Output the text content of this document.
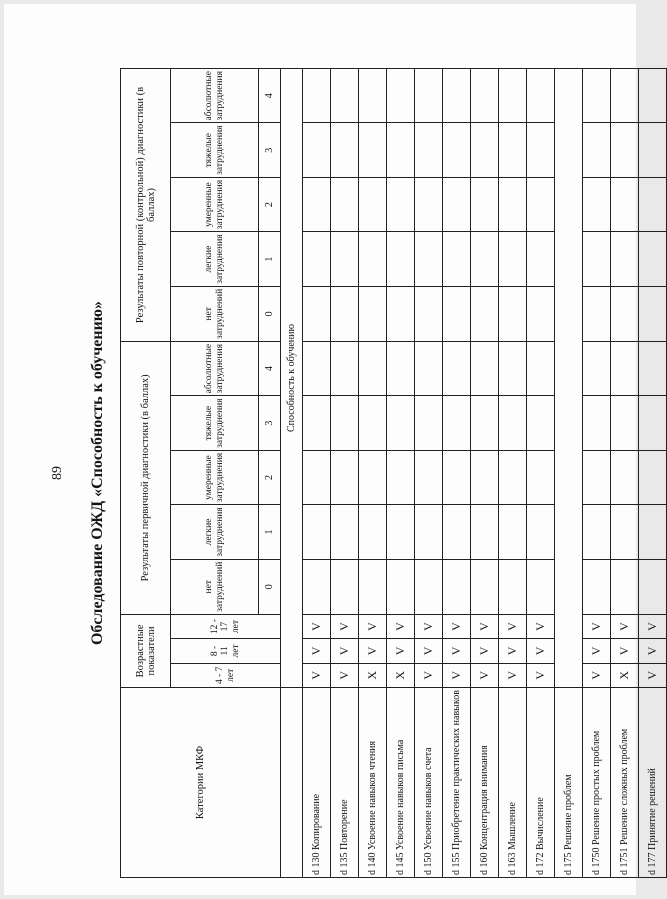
89	Обследование ОЖД «Способность к обучению»
Категории МКФ	Возрастные показатели			Результаты первичной диагностики (в баллах)					Результаты повторной (контрольной) диагностики (в баллах)				
	4 - 7 лет	8 - 11 лет	12 - 17 лет	нет затруднений	легкие затруднения	умеренные затруднения	тяжелые затруднения	абсолютные затруднения	нет затруднений	легкие затруднения	умеренные затруднения	тяжелые затруднения	абсолютные затруднения
				0	1	2	3	4	0	1	2	3	4
	Способность к обучению												
d 130 Копирование	V	V	V										
d 135 Повторение	V	V	V										
d 140 Усвоение навыков чтения	X	V	V										
d 145 Усвоение навыков письма	X	V	V										
d 150 Усвоение навыков счета	V	V	V										
d 155 Приобретение практических навыков	V	V	V										
d 160 Концентрация внимания	V	V	V										
d 163 Мышление	V	V	V										
d 172 Вычисление	V	V	V										
d 175 Решение проблем													
d 1750 Решение простых проблем	V	V	V										
d 1751 Решение сложных проблем	X	V	V										
d 177 Принятие решений	V	V	V										
